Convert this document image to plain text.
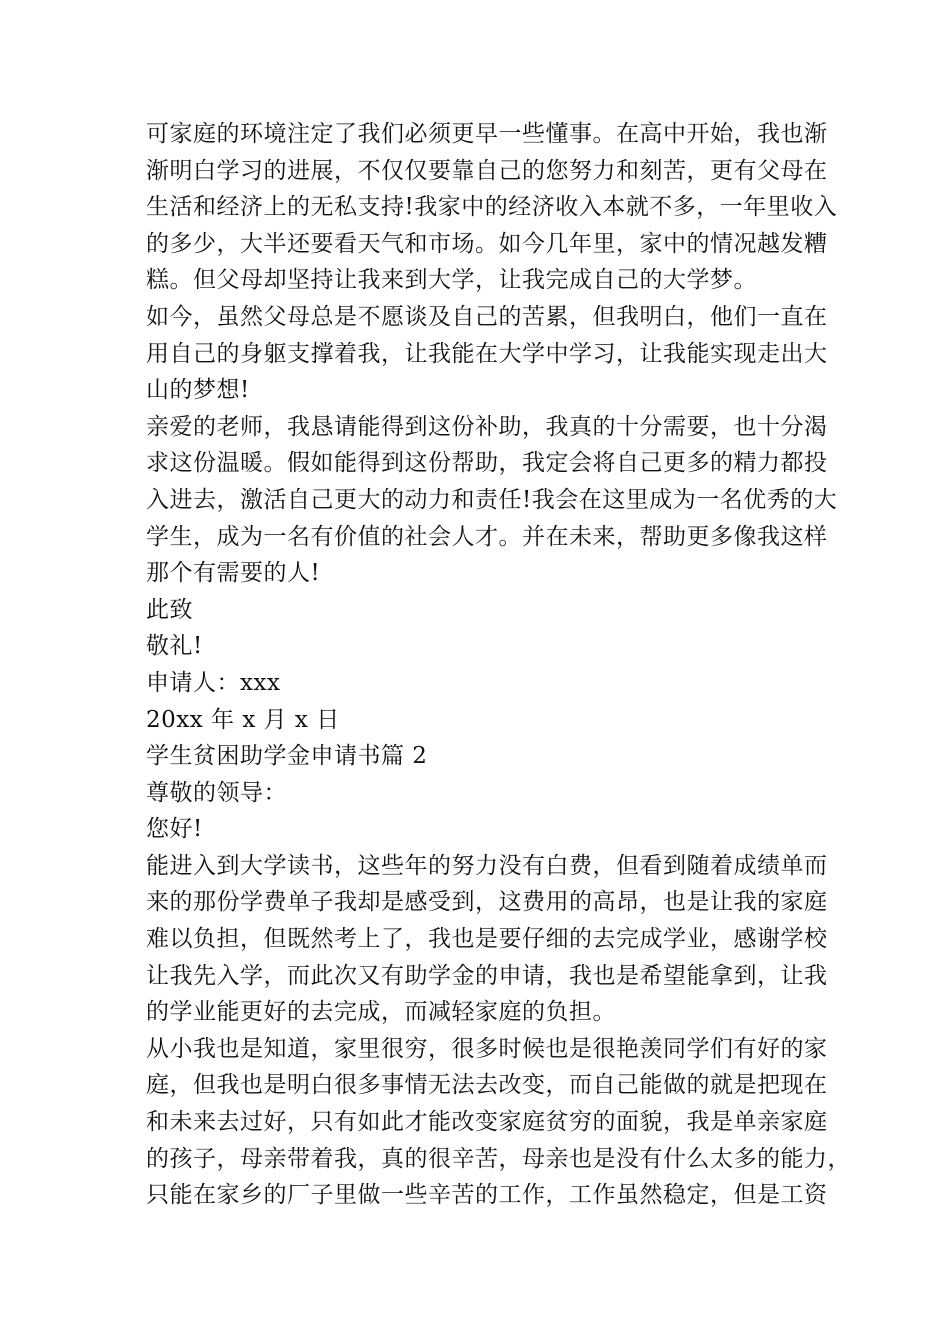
可家庭的环境注定了我们必须更早一些懂事。在高中开始，我也渐
渐明白学习的进展，不仅仅要靠自己的您努力和刻苦，更有父母在
生活和经济上的无私支持!我家中的经济收入本就不多，一年里收入
的多少，大半还要看天气和市场。如今几年里，家中的情况越发糟
糕。但父母却坚持让我来到大学，让我完成自己的大学梦。
如今，虽然父母总是不愿谈及自己的苦累，但我明白，他们一直在
用自己的身躯支撑着我，让我能在大学中学习，让我能实现走出大
山的梦想!
亲爱的老师，我恳请能得到这份补助，我真的十分需要，也十分渴
求这份温暖。假如能得到这份帮助，我定会将自己更多的精力都投
入进去，激活自己更大的动力和责任!我会在这里成为一名优秀的大
学生，成为一名有价值的社会人才。并在未来，帮助更多像我这样
那个有需要的人!
此致
敬礼!
申请人：xxx
20xx 年 x 月 x 日
学生贫困助学金申请书篇 2
尊敬的领导：
您好!
能进入到大学读书，这些年的努力没有白费，但看到随着成绩单而
来的那份学费单子我却是感受到，这费用的高昂，也是让我的家庭
难以负担，但既然考上了，我也是要仔细的去完成学业，感谢学校
让我先入学，而此次又有助学金的申请，我也是希望能拿到，让我
的学业能更好的去完成，而减轻家庭的负担。
从小我也是知道，家里很穷，很多时候也是很艳羡同学们有好的家
庭，但我也是明白很多事情无法去改变，而自己能做的就是把现在
和未来去过好，只有如此才能改变家庭贫穷的面貌，我是单亲家庭
的孩子，母亲带着我，真的很辛苦，母亲也是没有什么太多的能力，
只能在家乡的厂子里做一些辛苦的工作，工作虽然稳定，但是工资
